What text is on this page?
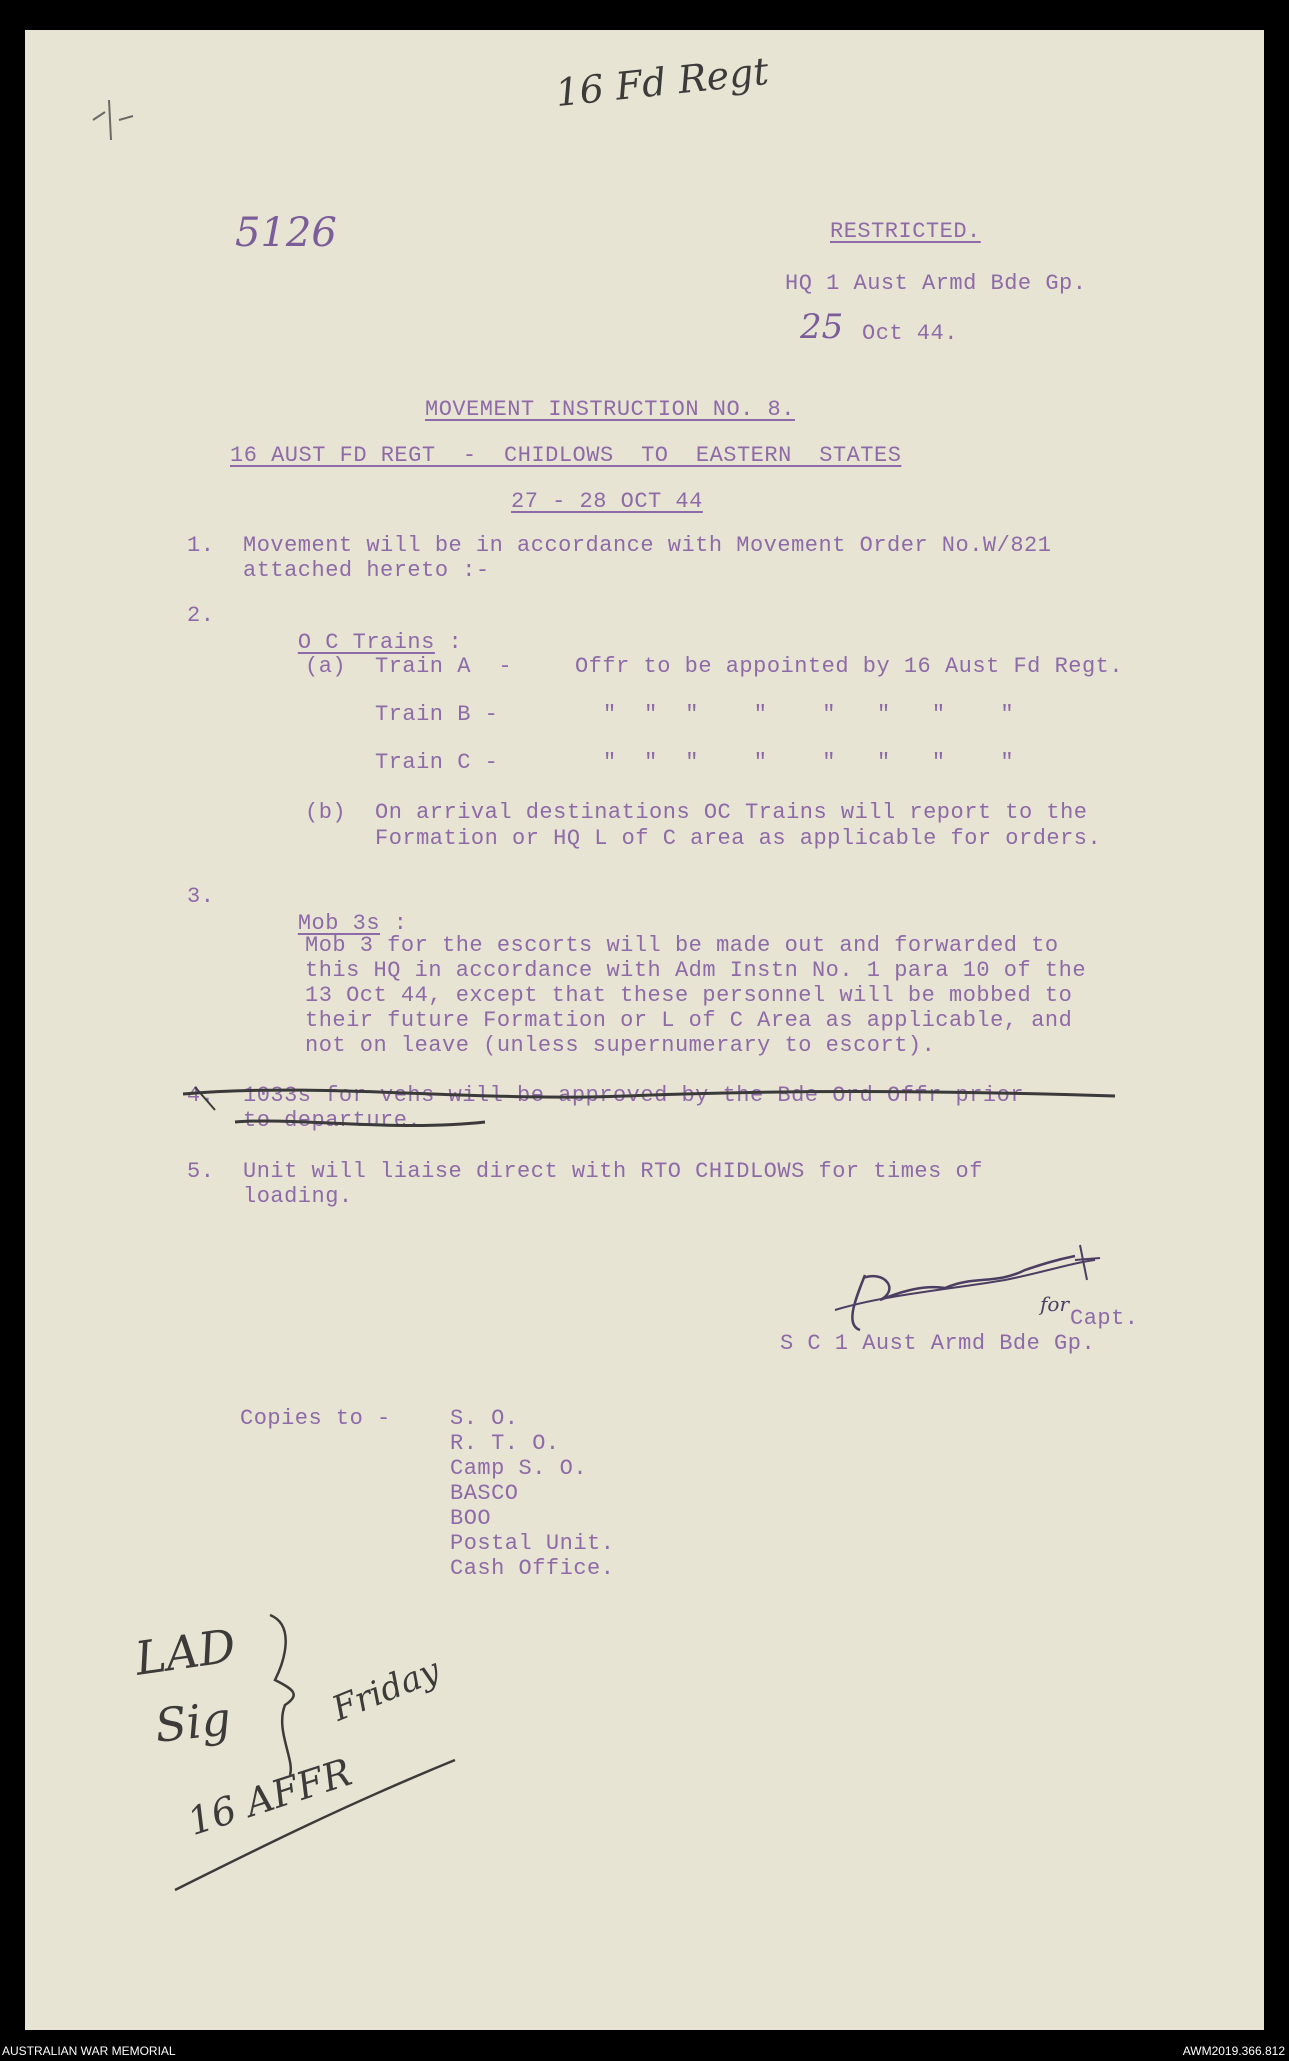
16 Fd Regt
5126	RESTRICTED.
HQ 1 Aust Armd Bde Gp.
25 Oct 44.
MOVEMENT INSTRUCTION NO. 8.
16 AUST FD REGT  -  CHIDLOWS  TO  EASTERN  STATES
27 - 28 OCT 44
1. Movement will be in accordance with Movement Order No.W/821
attached hereto :-
2.

O C Trains :

(a) Train A  -	Offr to be appointed by 16 Aust Fd Regt.
Train B -	"  "  "    "    "   "   "    "
Train C -	"  "  "    "    "   "   "    "
(b) On arrival destinations OC Trains will report to the
Formation or HQ L of C area as applicable for orders.
3.

Mob 3s :

Mob 3 for the escorts will be made out and forwarded to
this HQ in accordance with Adm Instn No. 1 para 10 of the
13 Oct 44, except that these personnel will be mobbed to
their future Formation or L of C Area as applicable, and
not on leave (unless supernumerary to escort).
4. 1033s for vehs will be approved by the Bde Ord Offr prior
to departure.
5. Unit will liaise direct with RTO CHIDLOWS for times of
loading.
for
Capt.
S C 1 Aust Armd Bde Gp.
Copies to -	S. O.
R. T. O.
Camp S. O.
BASCO
BOO
Postal Unit.
Cash Office.
LAD
Sig
16 AFFR
Friday
AUSTRALIAN WAR MEMORIAL	AWM2019.366.812
